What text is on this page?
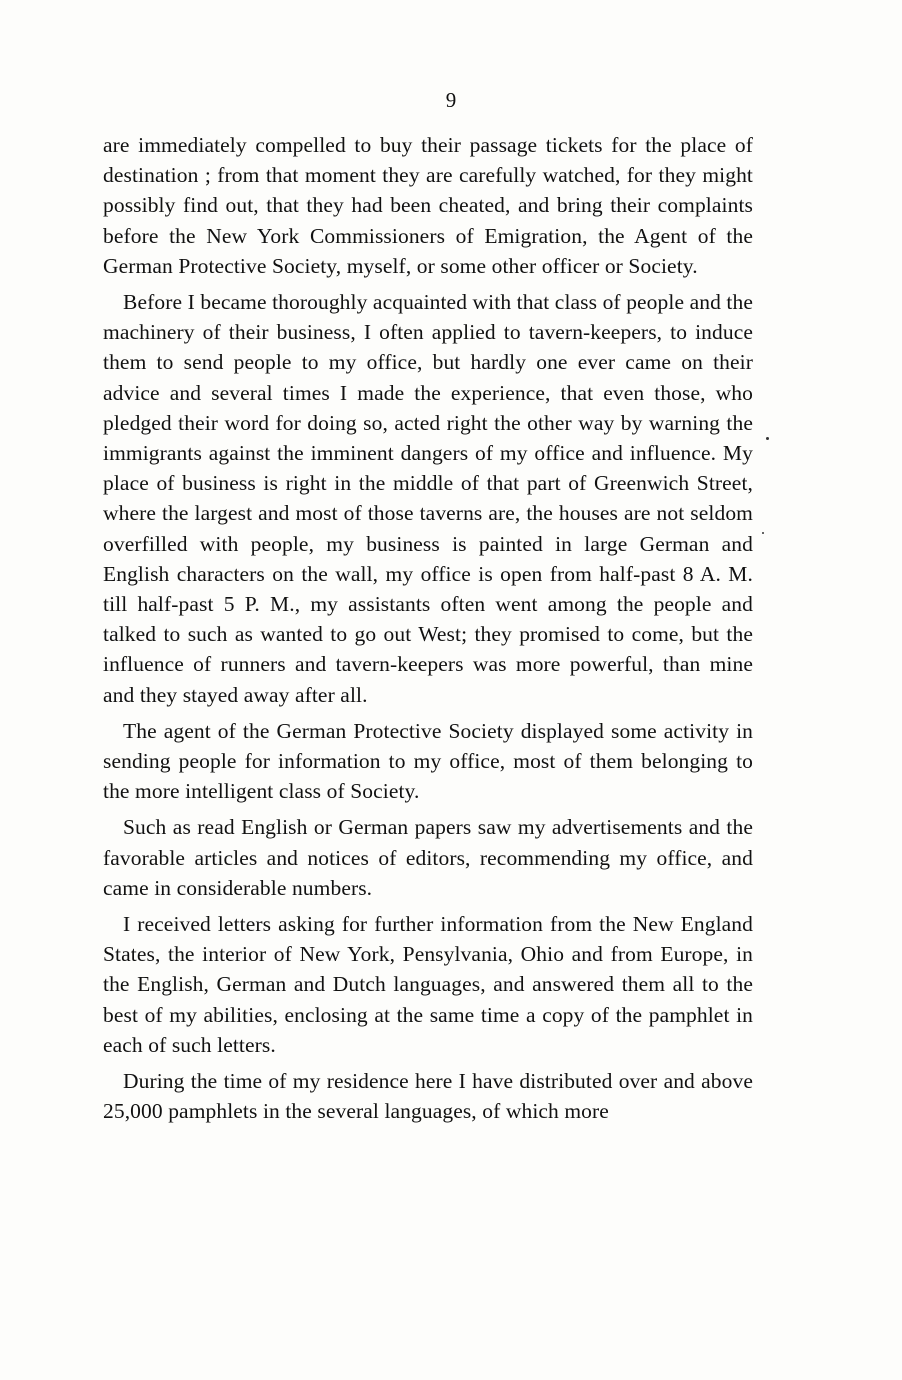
9

are immediately compelled to buy their passage tickets for the place of destination ; from that moment they are carefully watched, for they might possibly find out, that they had been cheated, and bring their complaints before the New York Commissioners of Emigration, the Agent of the German Protective Society, myself, or some other officer or Society.

Before I became thoroughly acquainted with that class of people and the machinery of their business, I often applied to tavern-keepers, to induce them to send people to my office, but hardly one ever came on their advice and several times I made the experience, that even those, who pledged their word for doing so, acted right the other way by warning the immigrants against the imminent dangers of my office and influence. My place of business is right in the middle of that part of Greenwich Street, where the largest and most of those taverns are, the houses are not seldom overfilled with people, my business is painted in large German and English characters on the wall, my office is open from half-past 8 A. M. till half-past 5 P. M., my assistants often went among the people and talked to such as wanted to go out West; they promised to come, but the influence of runners and tavern-keepers was more powerful, than mine and they stayed away after all.

The agent of the German Protective Society displayed some activity in sending people for information to my office, most of them belonging to the more intelligent class of Society.

Such as read English or German papers saw my advertisements and the favorable articles and notices of editors, recommending my office, and came in considerable numbers.

I received letters asking for further information from the New England States, the interior of New York, Pensylvania, Ohio and from Europe, in the English, German and Dutch languages, and answered them all to the best of my abilities, enclosing at the same time a copy of the pamphlet in each of such letters.

During the time of my residence here I have distributed over and above 25,000 pamphlets in the several languages, of which more
